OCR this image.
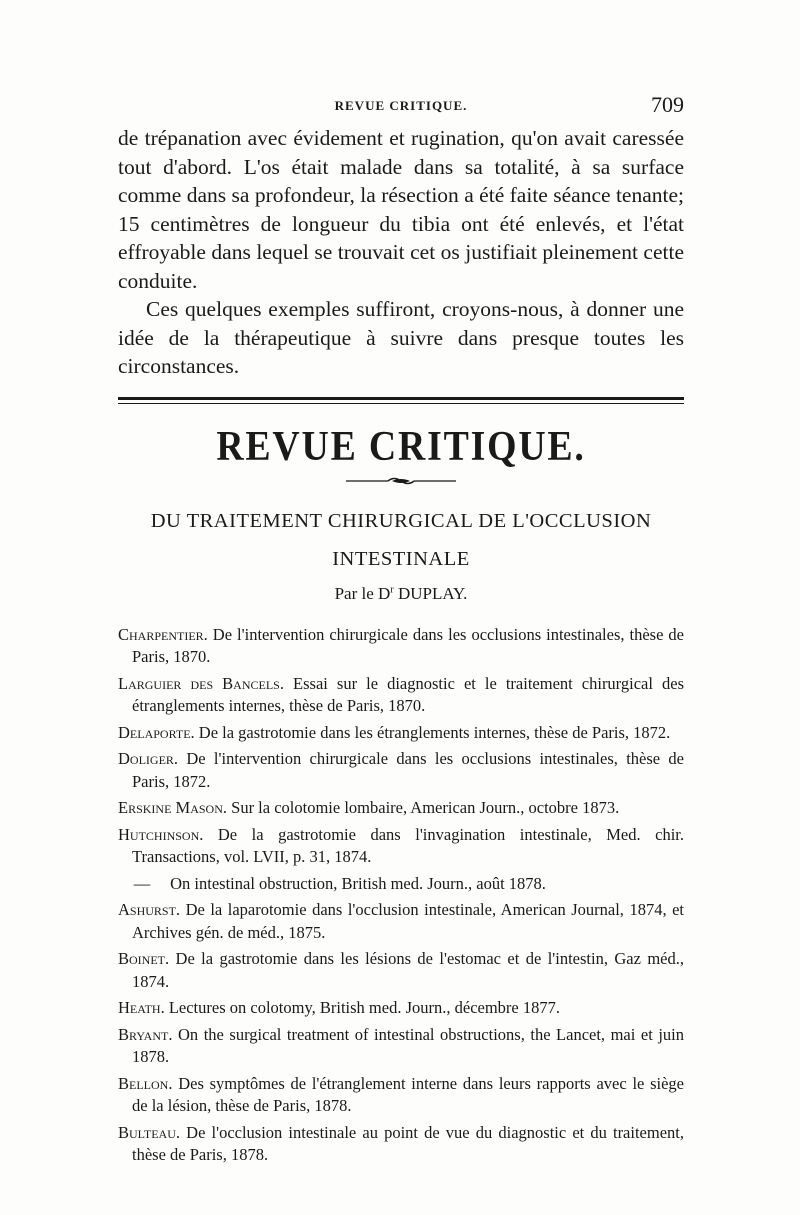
REVUE CRITIQUE.	709

de trépanation avec évidement et rugination, qu'on avait caressée tout d'abord. L'os était malade dans sa totalité, à sa surface comme dans sa profondeur, la résection a été faite séance tenante; 15 centimètres de longueur du tibia ont été enlevés, et l'état effroyable dans lequel se trouvait cet os justifiait pleinement cette conduite.

Ces quelques exemples suffiront, croyons-nous, à donner une idée de la thérapeutique à suivre dans presque toutes les circonstances.

REVUE CRITIQUE.
DU TRAITEMENT CHIRURGICAL DE L'OCCLUSION
INTESTINALE
Par le $D^r$ DUPLAY.
Charpentier. De l'intervention chirurgicale dans les occlusions intestinales, thèse de Paris, 1870.
Larguier des Bancels. Essai sur le diagnostic et le traitement chirurgical des étranglements internes, thèse de Paris, 1870.
Delaporte. De la gastrotomie dans les étranglements internes, thèse de Paris, 1872.
Doliger. De l'intervention chirurgicale dans les occlusions intestinales, thèse de Paris, 1872.
Erskine Mason. Sur la colotomie lombaire, American Journ., octobre 1873.
Hutchinson. De la gastrotomie dans l'invagination intestinale, Med. chir. Transactions, vol. LVII, p. 31, 1874.
— On intestinal obstruction, British med. Journ., août 1878.
Ashurst. De la laparotomie dans l'occlusion intestinale, American Journal, 1874, et Archives gén. de méd., 1875.
Boinet. De la gastrotomie dans les lésions de l'estomac et de l'intestin, Gaz méd., 1874.
Heath. Lectures on colotomy, British med. Journ., décembre 1877.
Bryant. On the surgical treatment of intestinal obstructions, the Lancet, mai et juin 1878.
Bellon. Des symptômes de l'étranglement interne dans leurs rapports avec le siège de la lésion, thèse de Paris, 1878.
Bulteau. De l'occlusion intestinale au point de vue du diagnostic et du traitement, thèse de Paris, 1878.
